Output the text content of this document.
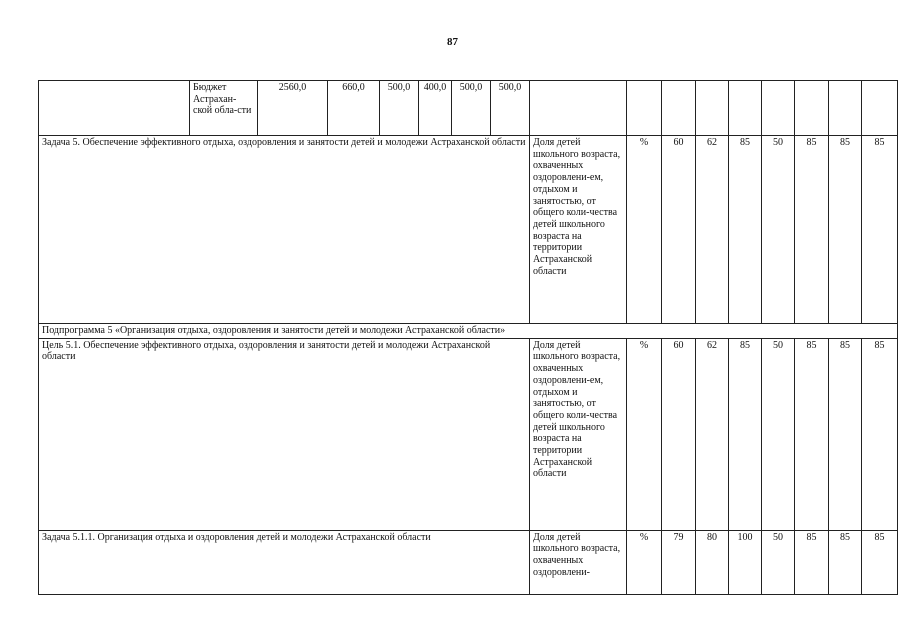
87
	Бюджет Астрахан-ской обла-сти	2560,0	660,0	500,0	400,0	500,0	500,0									
Задача 5. Обеспечение эффективного отдыха, оздоровления и занятости детей и молодежи Астраханской области								Доля детей школьного возраста, охваченных оздоровлени-ем, отдыхом и занятостью, от общего коли-чества детей школьного возраста на территории Астраханской области	%	60	62	85	50	85	85	85
Подпрограмма 5 «Организация отдыха, оздоровления и занятости детей и молодежи Астраханской области»																
Цель 5.1. Обеспечение эффективного отдыха, оздоровления и занятости детей и молодежи Астраханской области								Доля детей школьного возраста, охваченных оздоровлени-ем, отдыхом и занятостью, от общего коли-чества детей школьного возраста на территории Астраханской области	%	60	62	85	50	85	85	85
Задача 5.1.1. Организация отдыха и оздоровления детей и молодежи Астраханской области								Доля детей школьного возраста, охваченных оздоровлени-	%	79	80	100	50	85	85	85
